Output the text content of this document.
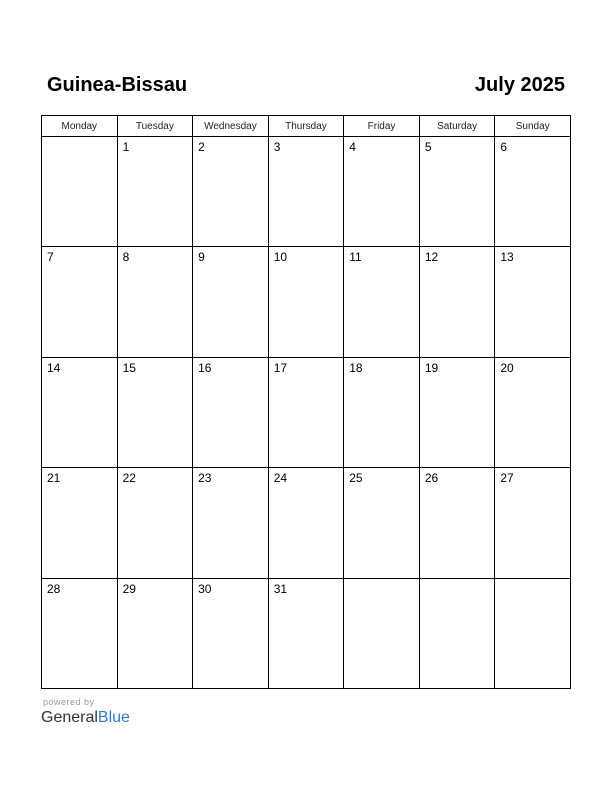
Guinea-Bissau	July 2025
Monday	Tuesday	Wednesday	Thursday	Friday	Saturday	Sunday

	1	2	3	4	5	6

7	8	9	10	11	12	13

14	15	16	17	18	19	20

21	22	23	24	25	26	27

28	29	30	31			

powered by
GeneralBlue
